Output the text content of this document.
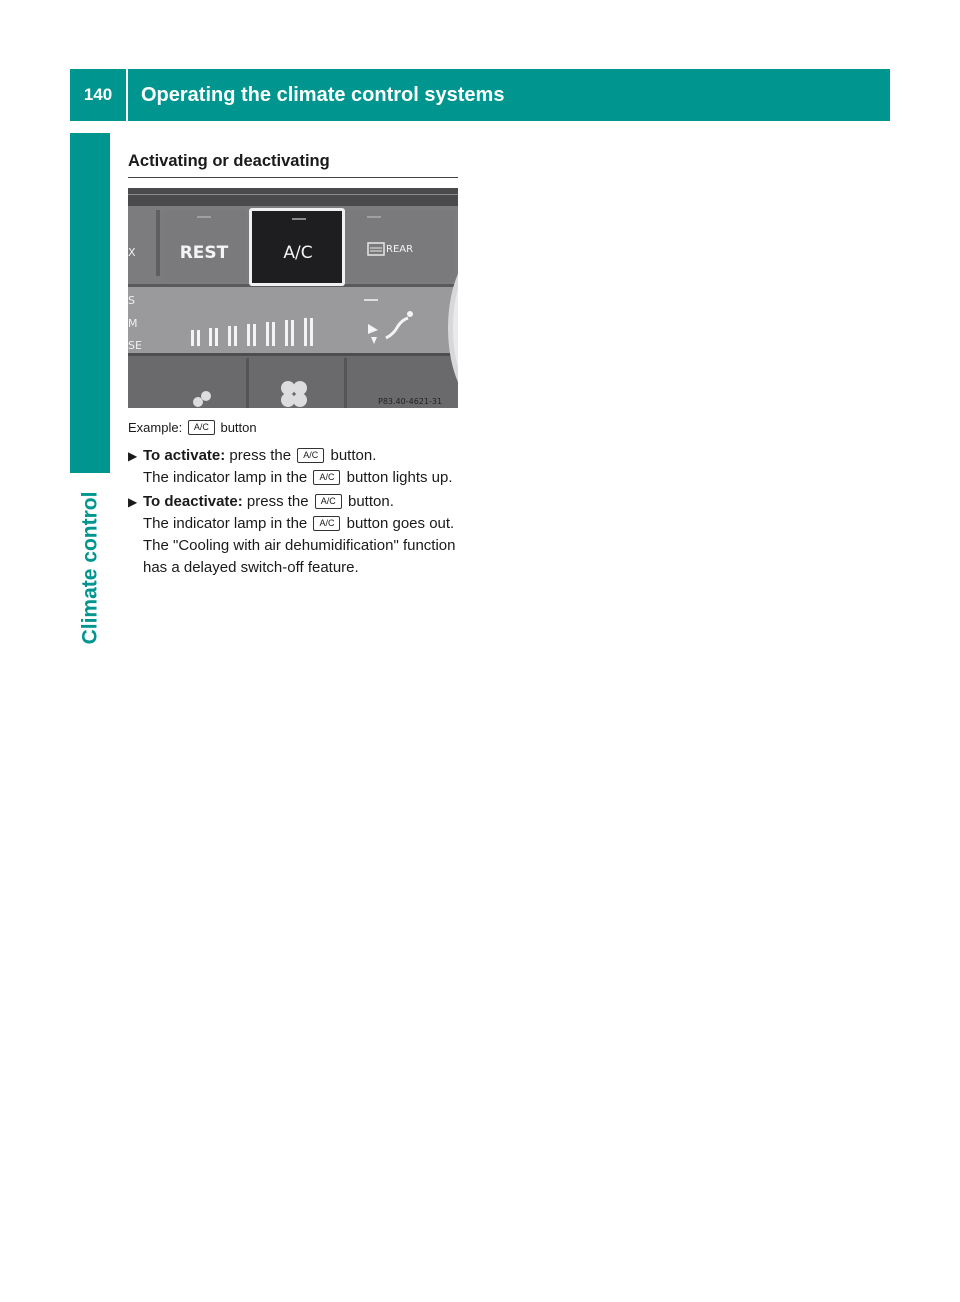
140	Operating the climate control systems
Climate control
Activating or deactivating
REST	A/C	REAR
X
S
M
SE
P83.40-4621-31
Example: A/C button
▶ To activate: press the A/C button.
The indicator lamp in the A/C button lights up.
▶ To deactivate: press the A/C button.
The indicator lamp in the A/C button goes out. The "Cooling with air dehumidification" function has a delayed switch-off feature.
